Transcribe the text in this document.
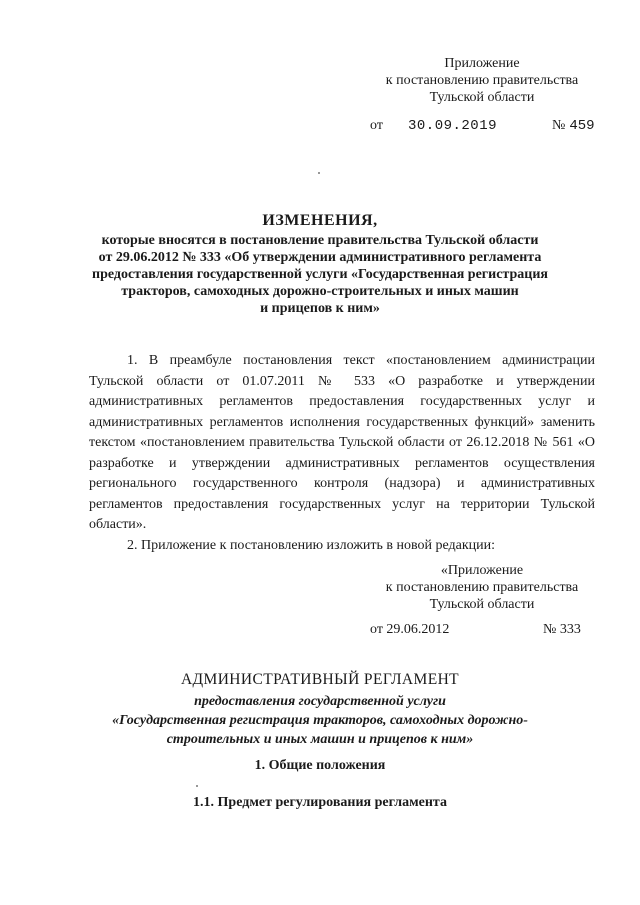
Приложение
к постановлению правительства
Тульской области
от 30.09.2019	№ 459
ИЗМЕНЕНИЯ,
которые вносятся в постановление правительства Тульской области
от 29.06.2012 № 333 «Об утверждении административного регламента
предоставления государственной услуги «Государственная регистрация
тракторов, самоходных дорожно-строительных и иных машин
и прицепов к ним»

1. В преамбуле постановления текст «постановлением администрации Тульской области от 01.07.2011 № 533 «О разработке и утверждении административных регламентов предоставления государственных услуг и административных регламентов исполнения государственных функций» заменить текстом «постановлением правительства Тульской области от 26.12.2018 № 561 «О разработке и утверждении административных регламентов осуществления регионального государственного контроля (надзора) и административных регламентов предоставления государственных услуг на территории Тульской области».

2. Приложение к постановлению изложить в новой редакции:

«Приложение
к постановлению правительства
Тульской области
от 29.06.2012	№ 333
АДМИНИСТРАТИВНЫЙ РЕГЛАМЕНТ
предоставления государственной услуги
«Государственная регистрация тракторов, самоходных дорожно-
строительных и иных машин и прицепов к ним»
1. Общие положения
1.1. Предмет регулирования регламента
